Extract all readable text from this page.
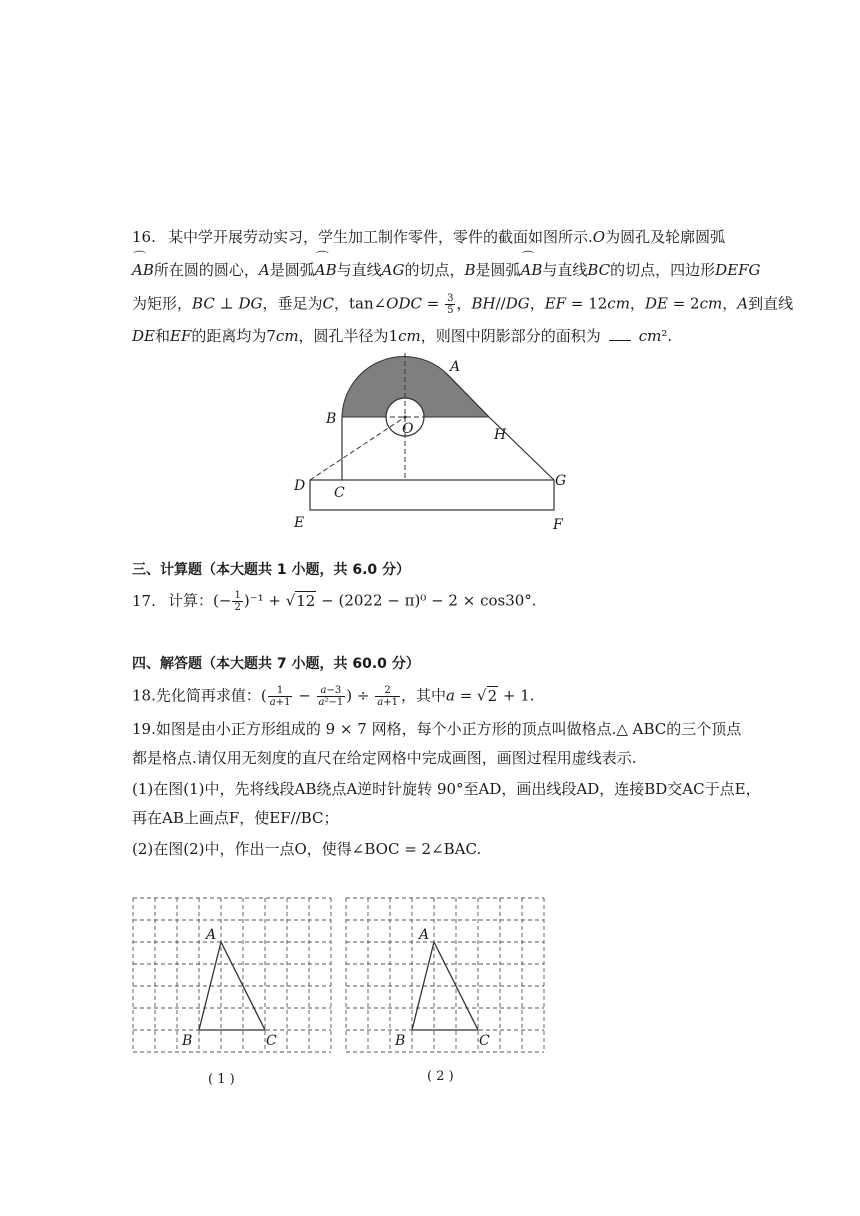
16. 某中学开展劳动实习，学生加工制作零件，零件的截面如图所示.O为圆孔及轮廓圆弧
⌒ AB所在圆的圆心，A是圆弧⌒ AB与直线AG的切点，B是圆弧⌒ AB与直线BC的切点，四边形DEFG
为矩形，BC ⊥ DG，垂足为C，tan∠ODC = $\frac{3}{5}$ ，BH//DG，EF = 12cm，DE = 2cm，A到直线
DE和EF的距离均为7cm，圆孔半径为1cm，则图中阴影部分的面积为	cm².
A
B
H
O
D C
G
E	F
三、计算题（本大题共 1 小题，共 6.0 分）
17. 计算：(− $\frac{1}{2} )^{-1} + √12 - (2022 - \pi)^0 - 2 \times \cos 30^\circ$.
四、解答题（本大题共 7 小题，共 60.0 分）
18.先化简再求值：( $\frac{1}{a+1} - \frac{a-3}{\text{a²−1}}$ ) ÷ $\frac{2}{a+1}$ ，其中a = √2 + 1.
19.如图是由小正方形组成的 9 × 7 网格，每个小正方形的顶点叫做格点.△ ABC的三个顶点
都是格点.请仅用无刻度的直尺在给定网格中完成画图，画图过程用虚线表示.
(1)在图(1)中，先将线段AB绕点A逆时针旋转 90°至AD，画出线段AD，连接BD交AC于点E，
再在AB上画点F，使EF//BC；
(2)在图(2)中，作出一点O，使得∠BOC = 2∠BAC.
A
B	C
( 1 )
A
B	C
( 2 )
